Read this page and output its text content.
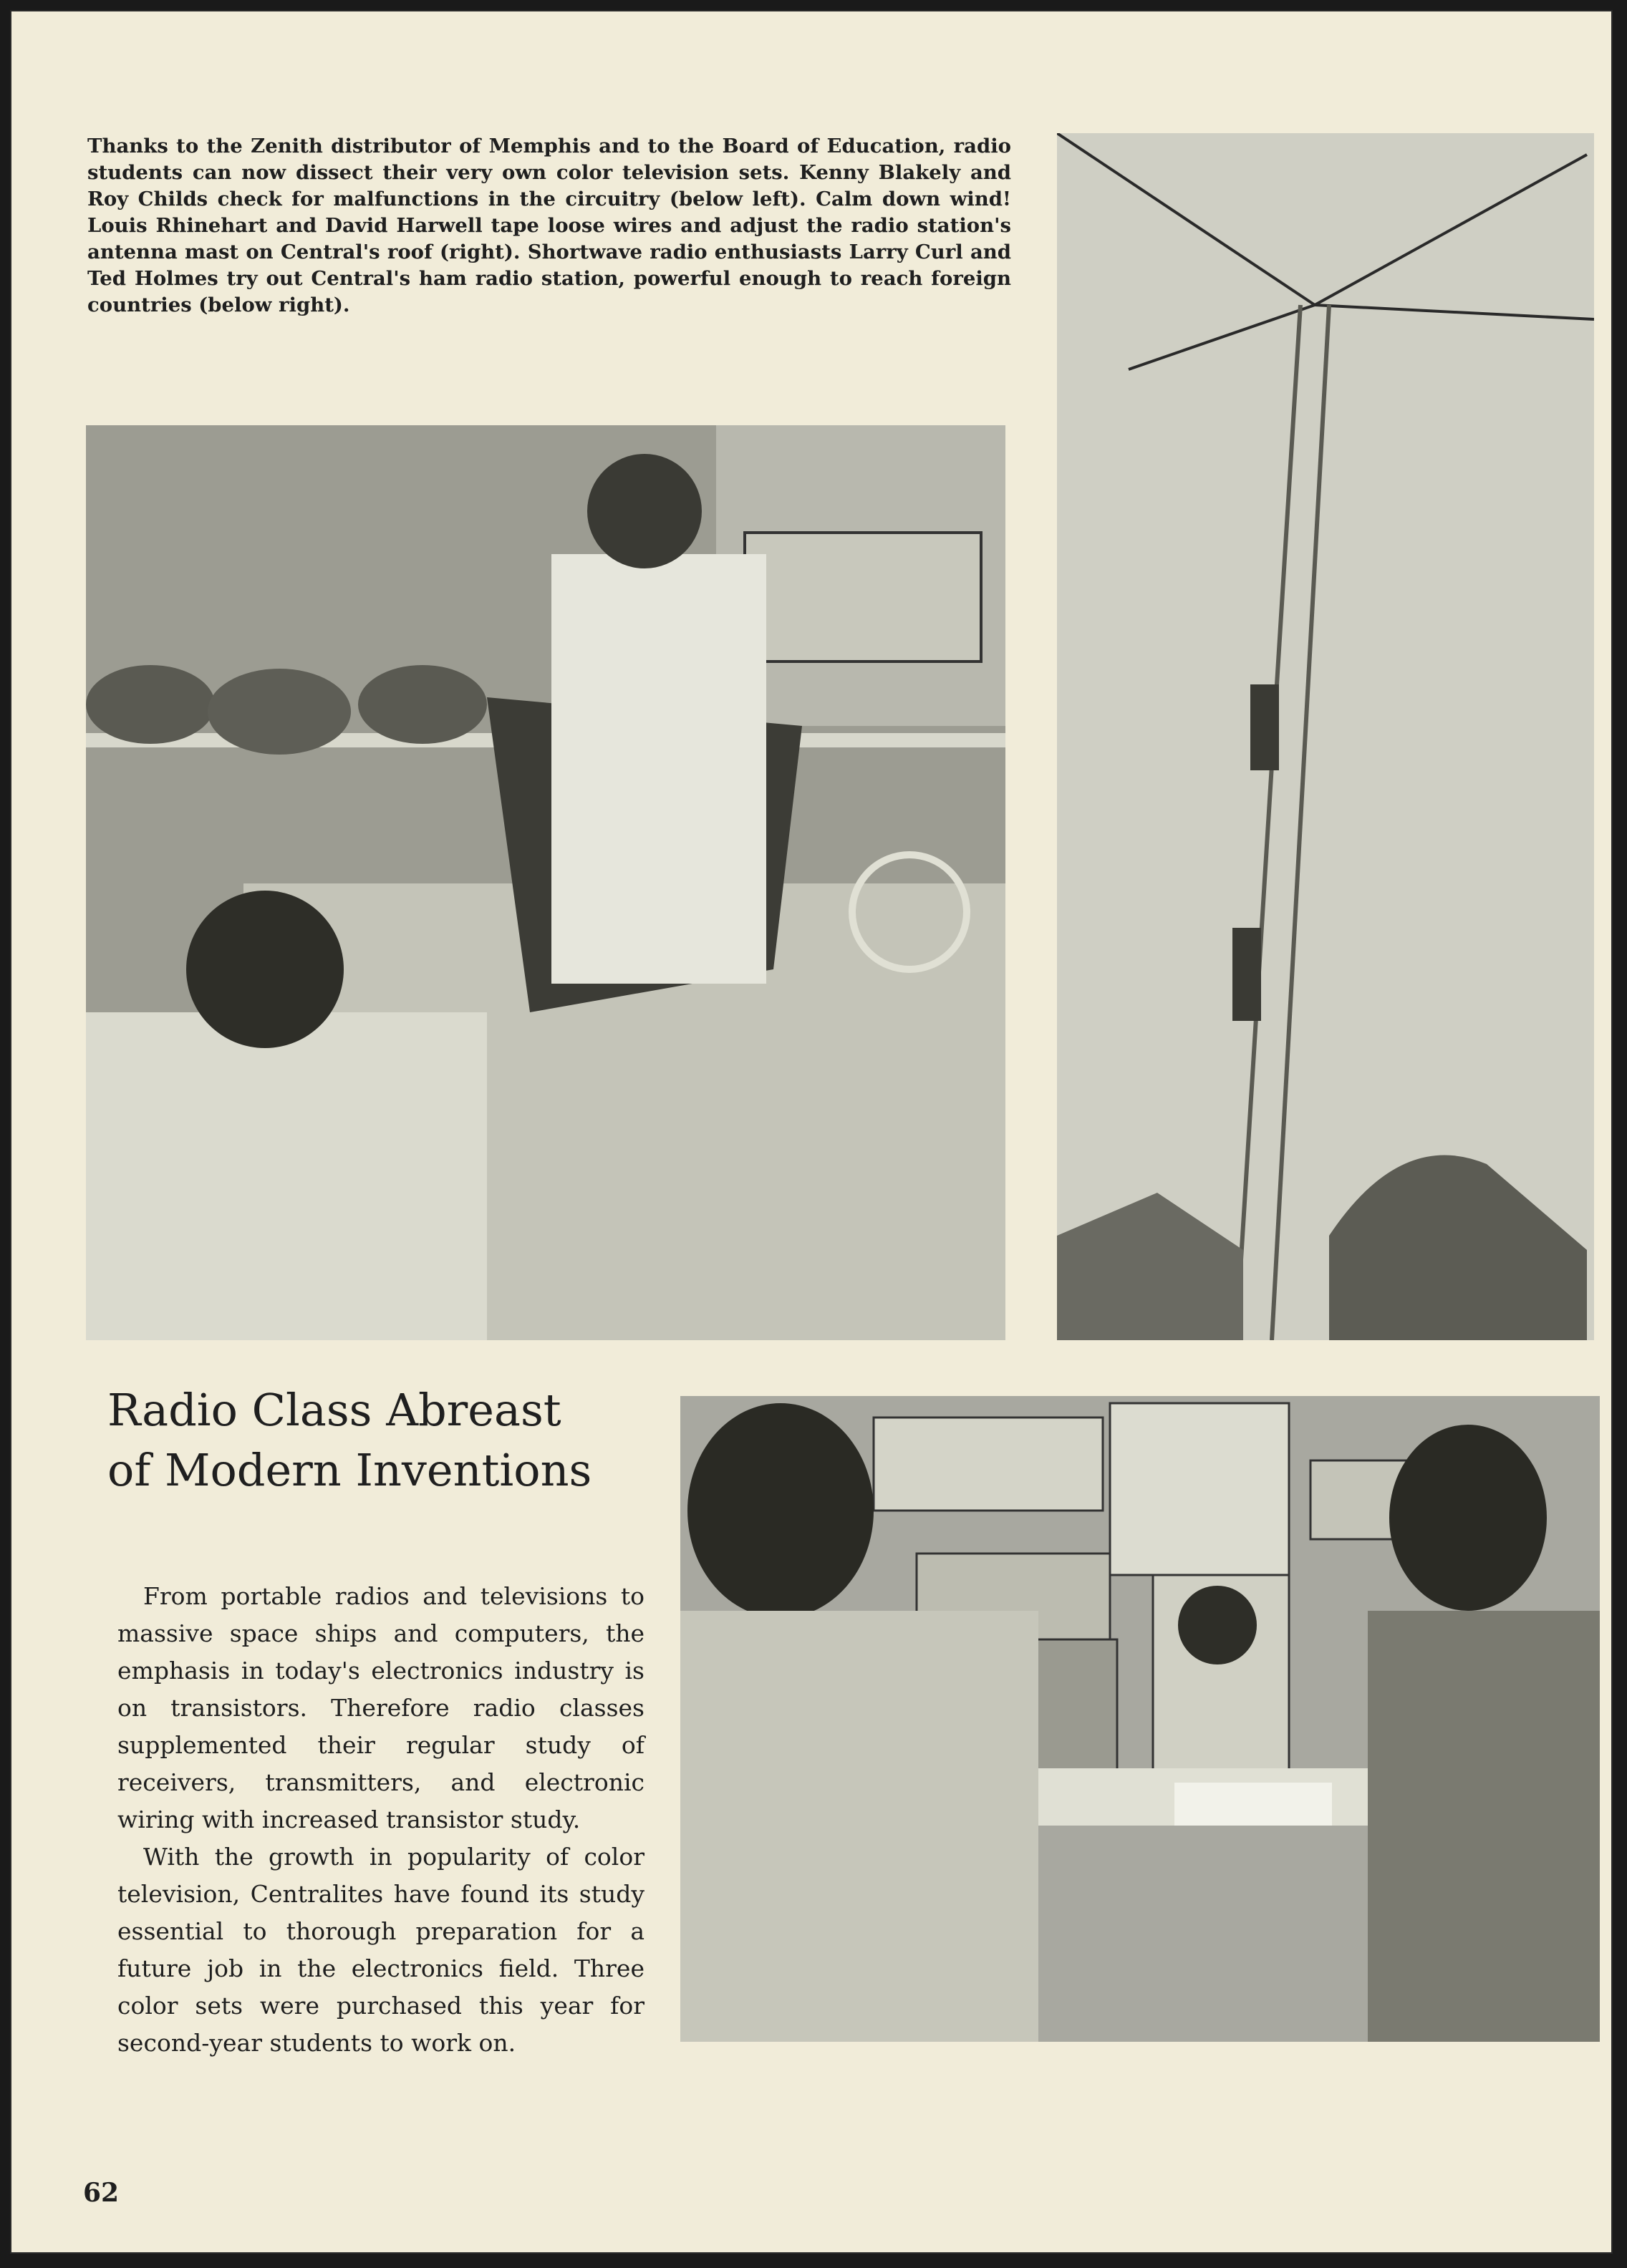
Thanks to the Zenith distributor of Memphis and to the Board of Education, radio students can now dissect their very own color television sets. Kenny Blakely and Roy Childs check for malfunctions in the circuitry (below left). Calm down wind! Louis Rhinehart and David Harwell tape loose wires and adjust the radio station's antenna mast on Central's roof (right). Shortwave radio enthusiasts Larry Curl and Ted Holmes try out Central's ham radio station, powerful enough to reach foreign countries (below right).

Radio Class Abreast
of Modern Inventions

From portable radios and televisions to massive space ships and computers, the emphasis in today's electronics industry is on transistors. Therefore radio classes supplemented their regular study of receivers, transmitters, and electronic wiring with increased transistor study.

With the growth in popularity of color television, Centralites have found its study essential to thorough preparation for a future job in the electronics field. Three color sets were purchased this year for second-year students to work on.

62
